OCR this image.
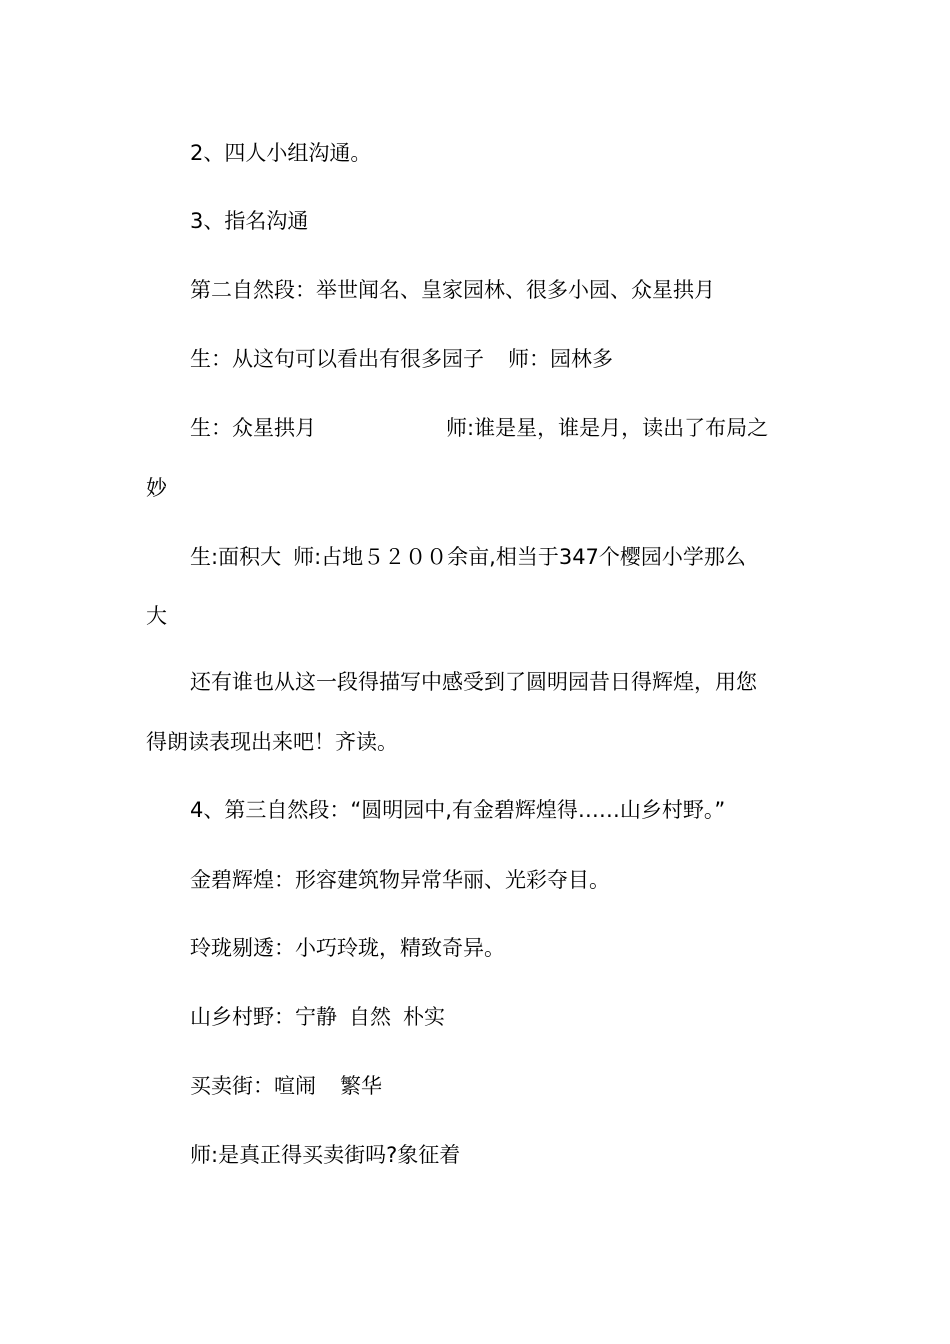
2、四人小组沟通。
3、指名沟通
第二自然段：举世闻名、皇家园林、很多小园、众星拱月
生：从这句可以看出有很多园子 师：园林多
生：众星拱月	师:谁是星，谁是月，读出了布局之
妙
生:面积大 师:占地５２００余亩,相当于347个樱园小学那么
大
还有谁也从这一段得描写中感受到了圆明园昔日得辉煌，用您
得朗读表现出来吧！齐读。
4、第三自然段：“圆明园中,有金碧辉煌得……山乡村野。”
金碧辉煌：形容建筑物异常华丽、光彩夺目。
玲珑剔透：小巧玲珑，精致奇异。
山乡村野：宁静 自然 朴实
买卖街：喧闹 繁华
师:是真正得买卖街吗?象征着
